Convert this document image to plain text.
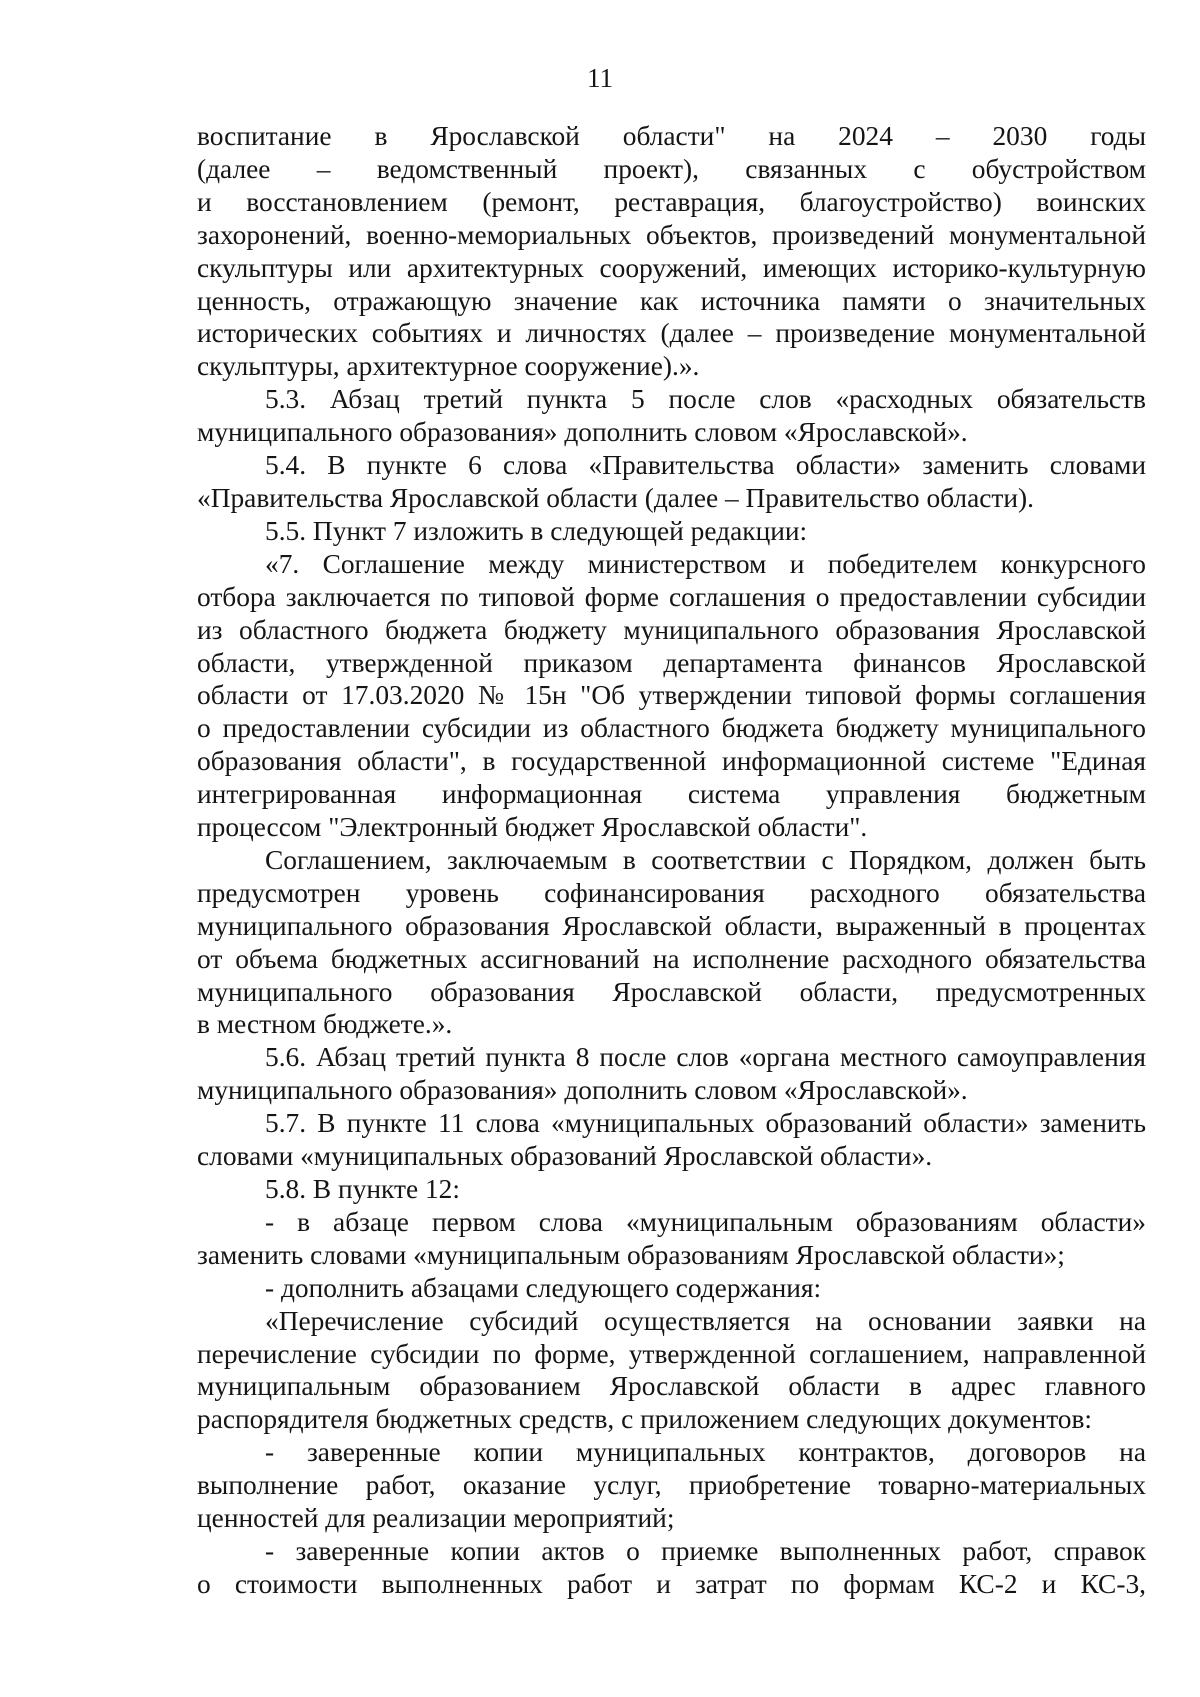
11

воспитание в Ярославской области" на 2024 – 2030 годы

(далее – ведомственный проект), связанных с обустройством

и восстановлением (ремонт, реставрация, благоустройство) воинских

захоронений, военно-мемориальных объектов, произведений монументальной

скульптуры или архитектурных сооружений, имеющих историко-культурную

ценность, отражающую значение как источника памяти о значительных

исторических событиях и личностях (далее – произведение монументальной

скульптуры, архитектурное сооружение).».

5.3. Абзац третий пункта 5 после слов «расходных обязательств

муниципального образования» дополнить словом «Ярославской».

5.4. В пункте 6 слова «Правительства области» заменить словами

«Правительства Ярославской области (далее – Правительство области).

5.5. Пункт 7 изложить в следующей редакции:

«7. Соглашение между министерством и победителем конкурсного

отбора заключается по типовой форме соглашения о предоставлении субсидии

из областного бюджета бюджету муниципального образования Ярославской

области, утвержденной приказом департамента финансов Ярославской

области от 17.03.2020 № 15н "Об утверждении типовой формы соглашения

о предоставлении субсидии из областного бюджета бюджету муниципального

образования области", в государственной информационной системе "Единая

интегрированная информационная система управления бюджетным

процессом "Электронный бюджет Ярославской области".

Соглашением, заключаемым в соответствии с Порядком, должен быть

предусмотрен уровень софинансирования расходного обязательства

муниципального образования Ярославской области, выраженный в процентах

от объема бюджетных ассигнований на исполнение расходного обязательства

муниципального образования Ярославской области, предусмотренных

в местном бюджете.».

5.6. Абзац третий пункта 8 после слов «органа местного самоуправления

муниципального образования» дополнить словом «Ярославской».

5.7. В пункте 11 слова «муниципальных образований области» заменить

словами «муниципальных образований Ярославской области».

5.8. В пункте 12:

- в абзаце первом слова «муниципальным образованиям области»

заменить словами «муниципальным образованиям Ярославской области»;

- дополнить абзацами следующего содержания:

«Перечисление субсидий осуществляется на основании заявки на

перечисление субсидии по форме, утвержденной соглашением, направленной

муниципальным образованием Ярославской области в адрес главного

распорядителя бюджетных средств, с приложением следующих документов:

- заверенные копии муниципальных контрактов, договоров на

выполнение работ, оказание услуг, приобретение товарно-материальных

ценностей для реализации мероприятий;

- заверенные копии актов о приемке выполненных работ, справок

о стоимости выполненных работ и затрат по формам КС-2 и КС-3,
